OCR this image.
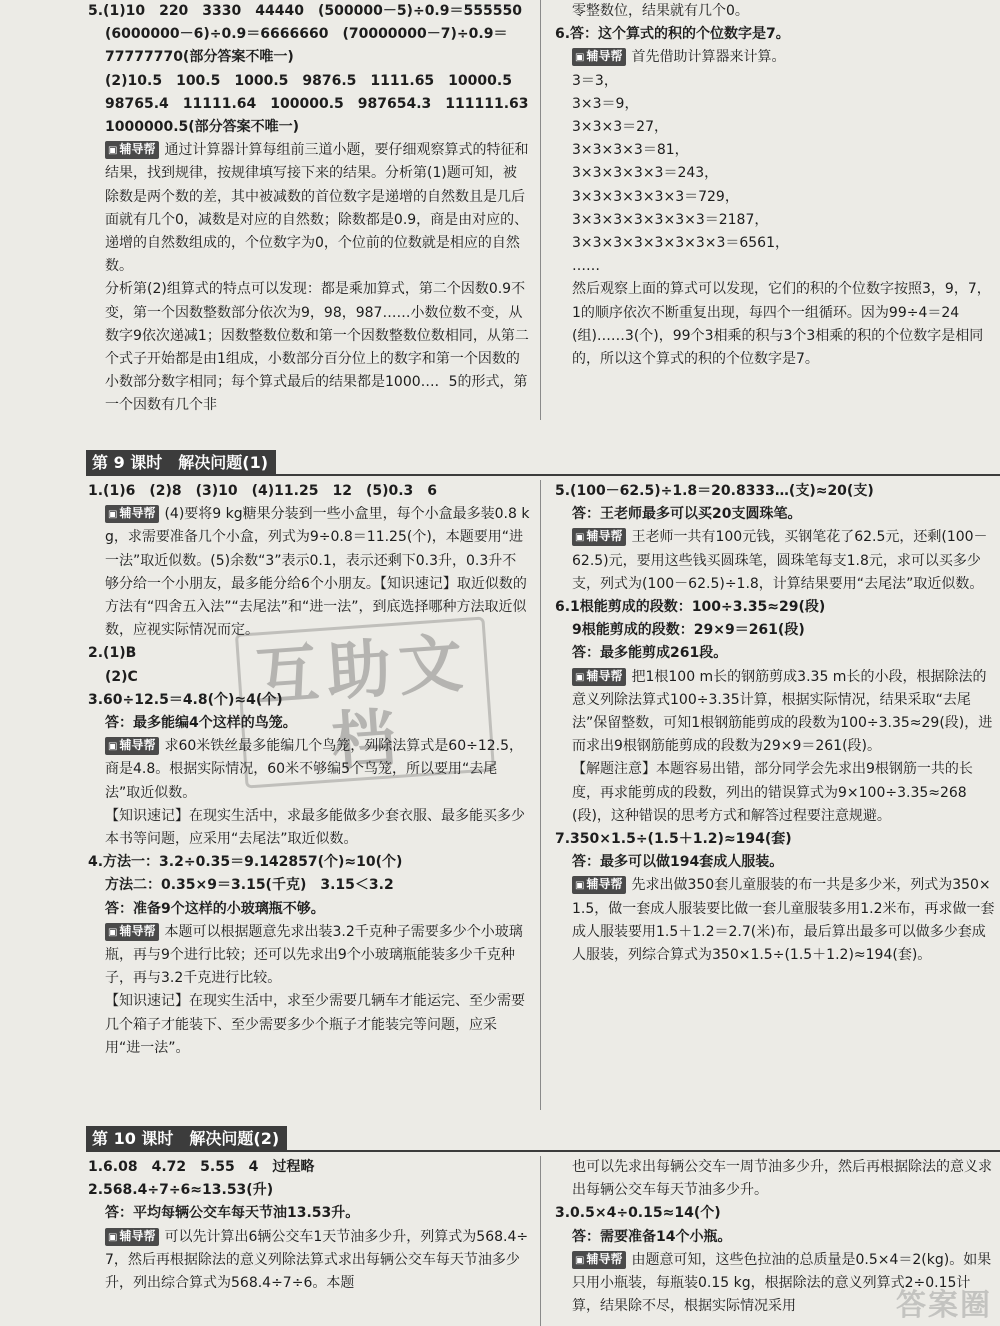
5.(1)10　220　3330　44440　(500000－5)÷0.9＝555550

(6000000－6)÷0.9＝6666660　(70000000－7)÷0.9＝

77777770(部分答案不唯一)

(2)10.5　100.5　1000.5　9876.5　1111.65　10000.5

98765.4　11111.64　100000.5　987654.3　111111.63

1000000.5(部分答案不唯一)

▣ 辅导帮 通过计算器计算每组前三道小题，要仔细观察算式的特征和结果，找到规律，按规律填写接下来的结果。分析第(1)题可知，被除数是两个数的差，其中被减数的首位数字是递增的自然数且是几后面就有几个0，减数是对应的自然数；除数都是0.9，商是由对应的、递增的自然数组成的，个位数字为0，个位前的位数就是相应的自然数。

分析第(2)组算式的特点可以发现：都是乘加算式，第二个因数0.9不变，第一个因数整数部分依次为9，98，987……小数位数不变，从数字9依次递减1；因数整数位数和第一个因数整数位数相同，从第二个式子开始都是由1组成，小数部分百分位上的数字和第一个因数的小数部分数字相同；每个算式最后的结果都是1000…．5的形式，第一个因数有几个非

零整数位，结果就有几个0。

6.答：这个算式的积的个位数字是7。

▣ 辅导帮 首先借助计算器来计算。

3＝3，

3×3＝9，

3×3×3＝27，

3×3×3×3＝81，

3×3×3×3×3＝243，

3×3×3×3×3×3＝729，

3×3×3×3×3×3×3＝2187，

3×3×3×3×3×3×3×3＝6561，

……

然后观察上面的算式可以发现，它们的积的个位数字按照3，9，7，1的顺序依次不断重复出现，每四个一组循环。因为99÷4＝24(组)……3(个)，99个3相乘的积与3个3相乘的积的个位数字是相同的，所以这个算式的积的个位数字是7。

第 9 课时　解决问题(1)

1.(1)6　(2)8　(3)10　(4)11.25　12　(5)0.3　6

▣ 辅导帮 (4)要将9 kg糖果分装到一些小盒里，每个小盒最多装0.8 kg，求需要准备几个小盒，列式为9÷0.8＝11.25(个)，本题要用“进一法”取近似数。(5)余数“3”表示0.1，表示还剩下0.3升，0.3升不够分给一个小朋友，最多能分给6个小朋友。【知识速记】取近似数的方法有“四舍五入法”“去尾法”和“进一法”，到底选择哪种方法取近似数，应视实际情况而定。

2.(1)B

(2)C

3.60÷12.5＝4.8(个)≈4(个)

答：最多能编4个这样的鸟笼。

▣ 辅导帮 求60米铁丝最多能编几个鸟笼，列除法算式是60÷12.5，商是4.8。根据实际情况，60米不够编5个鸟笼，所以要用“去尾法”取近似数。

【知识速记】在现实生活中，求最多能做多少套衣服、最多能买多少本书等问题，应采用“去尾法”取近似数。

4.方法一：3.2÷0.35＝9.142857(个)≈10(个)

方法二：0.35×9＝3.15(千克)　3.15＜3.2

答：准备9个这样的小玻璃瓶不够。

▣ 辅导帮 本题可以根据题意先求出装3.2千克种子需要多少个小玻璃瓶，再与9个进行比较；还可以先求出9个小玻璃瓶能装多少千克种子，再与3.2千克进行比较。

【知识速记】在现实生活中，求至少需要几辆车才能运完、至少需要几个箱子才能装下、至少需要多少个瓶子才能装完等问题，应采用“进一法”。

5.(100－62.5)÷1.8＝20.8333…(支)≈20(支)

答：王老师最多可以买20支圆珠笔。

▣ 辅导帮 王老师一共有100元钱，买钢笔花了62.5元，还剩(100－62.5)元，要用这些钱买圆珠笔，圆珠笔每支1.8元，求可以买多少支，列式为(100－62.5)÷1.8，计算结果要用“去尾法”取近似数。

6.1根能剪成的段数：100÷3.35≈29(段)

9根能剪成的段数：29×9＝261(段)

答：最多能剪成261段。

▣ 辅导帮 把1根100 m长的钢筋剪成3.35 m长的小段，根据除法的意义列除法算式100÷3.35计算，根据实际情况，结果采取“去尾法”保留整数，可知1根钢筋能剪成的段数为100÷3.35≈29(段)，进而求出9根钢筋能剪成的段数为29×9＝261(段)。

【解题注意】本题容易出错，部分同学会先求出9根钢筋一共的长度，再求能剪成的段数，列出的错误算式为9×100÷3.35≈268(段)，这种错误的思考方式和解答过程要注意规避。

7.350×1.5÷(1.5＋1.2)≈194(套)

答：最多可以做194套成人服装。

▣ 辅导帮 先求出做350套儿童服装的布一共是多少米，列式为350×1.5，做一套成人服装要比做一套儿童服装多用1.2米布，再求做一套成人服装要用1.5＋1.2＝2.7(米)布，最后算出最多可以做多少套成人服装，列综合算式为350×1.5÷(1.5＋1.2)≈194(套)。

第 10 课时　解决问题(2)

1.6.08　4.72　5.55　4　过程略

2.568.4÷7÷6≈13.53(升)

答：平均每辆公交车每天节油13.53升。

▣ 辅导帮 可以先计算出6辆公交车1天节油多少升，列算式为568.4÷7，然后再根据除法的意义列除法算式求出每辆公交车每天节油多少升，列出综合算式为568.4÷7÷6。本题

也可以先求出每辆公交车一周节油多少升，然后再根据除法的意义求出每辆公交车每天节油多少升。

3.0.5×4÷0.15≈14(个)

答：需要准备14个小瓶。

▣ 辅导帮 由题意可知，这些色拉油的总质量是0.5×4＝2(kg)。如果只用小瓶装，每瓶装0.15 kg，根据除法的意义列算式2÷0.15计算，结果除不尽，根据实际情况采用

互助文档
答案圈
